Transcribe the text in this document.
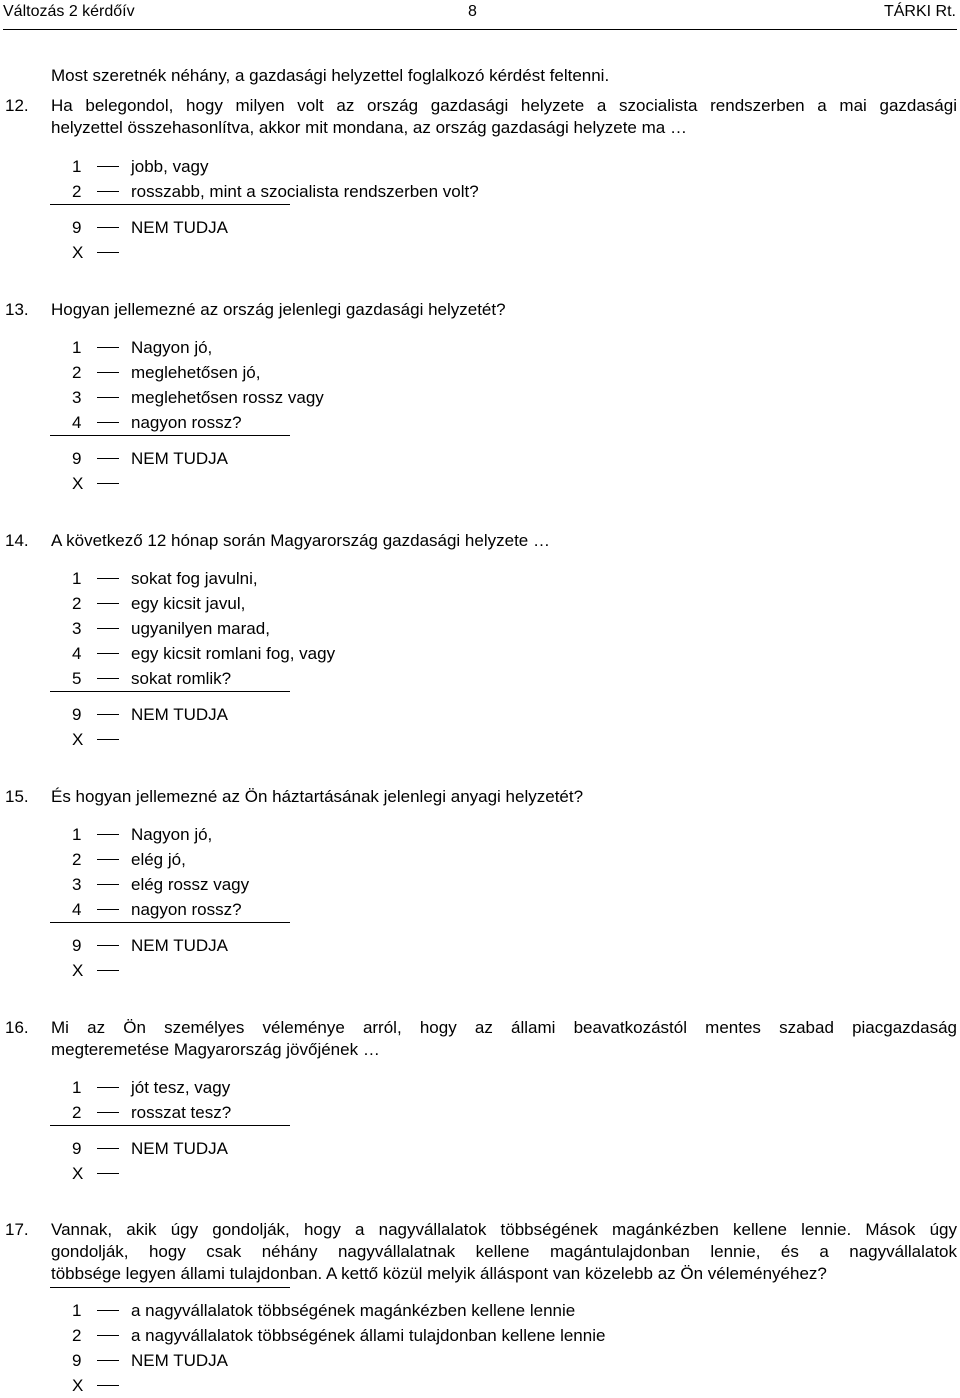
Változás 2 kérdőív	8	TÁRKI Rt.
Most szeretnék néhány, a gazdasági helyzettel foglalkozó kérdést feltenni.
12. Ha belegondol, hogy milyen volt az ország gazdasági helyzete a szocialista rendszerben a mai gazdasági
helyzettel összehasonlítva, akkor mit mondana, az ország gazdasági helyzete ma …
1	jobb, vagy
2	rosszabb, mint a szocialista rendszerben volt?
9	NEM TUDJA
X
13. Hogyan jellemezné az ország jelenlegi gazdasági helyzetét?
1	Nagyon jó,
2	meglehetősen jó,
3	meglehetősen rossz vagy
4	nagyon rossz?
9	NEM TUDJA
X
14. A következő 12 hónap során Magyarország gazdasági helyzete …
1	sokat fog javulni,
2	egy kicsit javul,
3	ugyanilyen marad,
4	egy kicsit romlani fog, vagy
5	sokat romlik?
9	NEM TUDJA
X
15. És hogyan jellemezné az Ön háztartásának jelenlegi anyagi helyzetét?
1	Nagyon jó,
2	elég jó,
3	elég rossz vagy
4	nagyon rossz?
9	NEM TUDJA
X
16. Mi az Ön személyes véleménye arról, hogy az állami beavatkozástól mentes szabad piacgazdaság
megteremetése Magyarország jövőjének …
1	jót tesz, vagy
2	rosszat tesz?
9	NEM TUDJA
X
17. Vannak, akik úgy gondolják, hogy a nagyvállalatok többségének magánkézben kellene lennie. Mások úgy
gondolják, hogy csak néhány nagyvállalatnak kellene magántulajdonban lennie, és a nagyvállalatok
többsége legyen állami tulajdonban. A kettő közül melyik álláspont van közelebb az Ön véleményéhez?
1	a nagyvállalatok többségének magánkézben kellene lennie
2	a nagyvállalatok többségének állami tulajdonban kellene lennie
9	NEM TUDJA
X
